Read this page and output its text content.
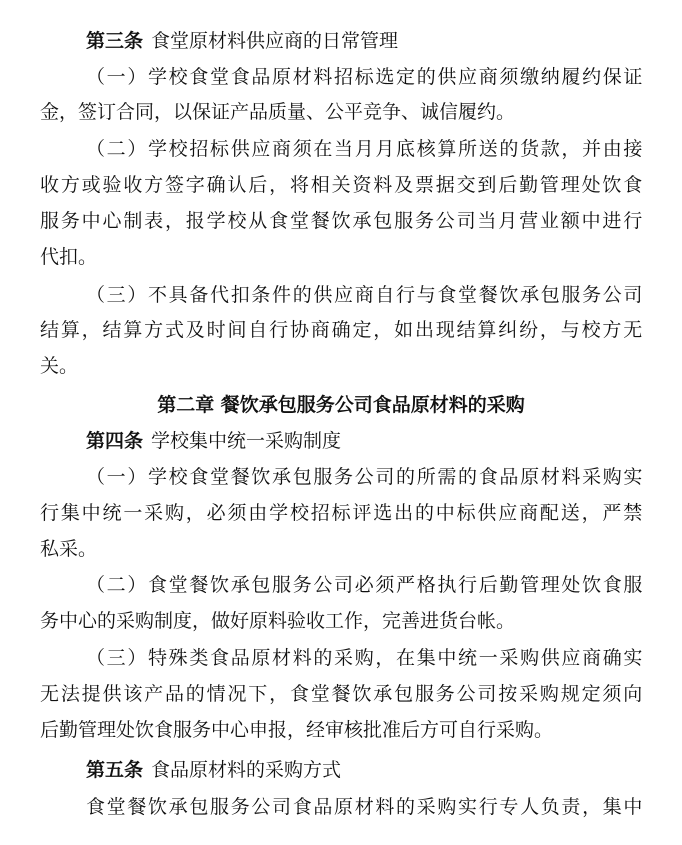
第三条 食堂原材料供应商的日常管理
（一）学校食堂食品原材料招标选定的供应商须缴纳履约保证
金，签订合同，以保证产品质量、公平竞争、诚信履约。
（二）学校招标供应商须在当月月底核算所送的货款，并由接
收方或验收方签字确认后，将相关资料及票据交到后勤管理处饮食
服务中心制表，报学校从食堂餐饮承包服务公司当月营业额中进行
代扣。
（三）不具备代扣条件的供应商自行与食堂餐饮承包服务公司
结算，结算方式及时间自行协商确定，如出现结算纠纷，与校方无
关。
第二章 餐饮承包服务公司食品原材料的采购
第四条 学校集中统一采购制度
（一）学校食堂餐饮承包服务公司的所需的食品原材料采购实
行集中统一采购，必须由学校招标评选出的中标供应商配送，严禁
私采。
（二）食堂餐饮承包服务公司必须严格执行后勤管理处饮食服
务中心的采购制度，做好原料验收工作，完善进货台帐。
（三）特殊类食品原材料的采购，在集中统一采购供应商确实
无法提供该产品的情况下，食堂餐饮承包服务公司按采购规定须向
后勤管理处饮食服务中心申报，经审核批准后方可自行采购。
第五条 食品原材料的采购方式
食堂餐饮承包服务公司食品原材料的采购实行专人负责，集中
